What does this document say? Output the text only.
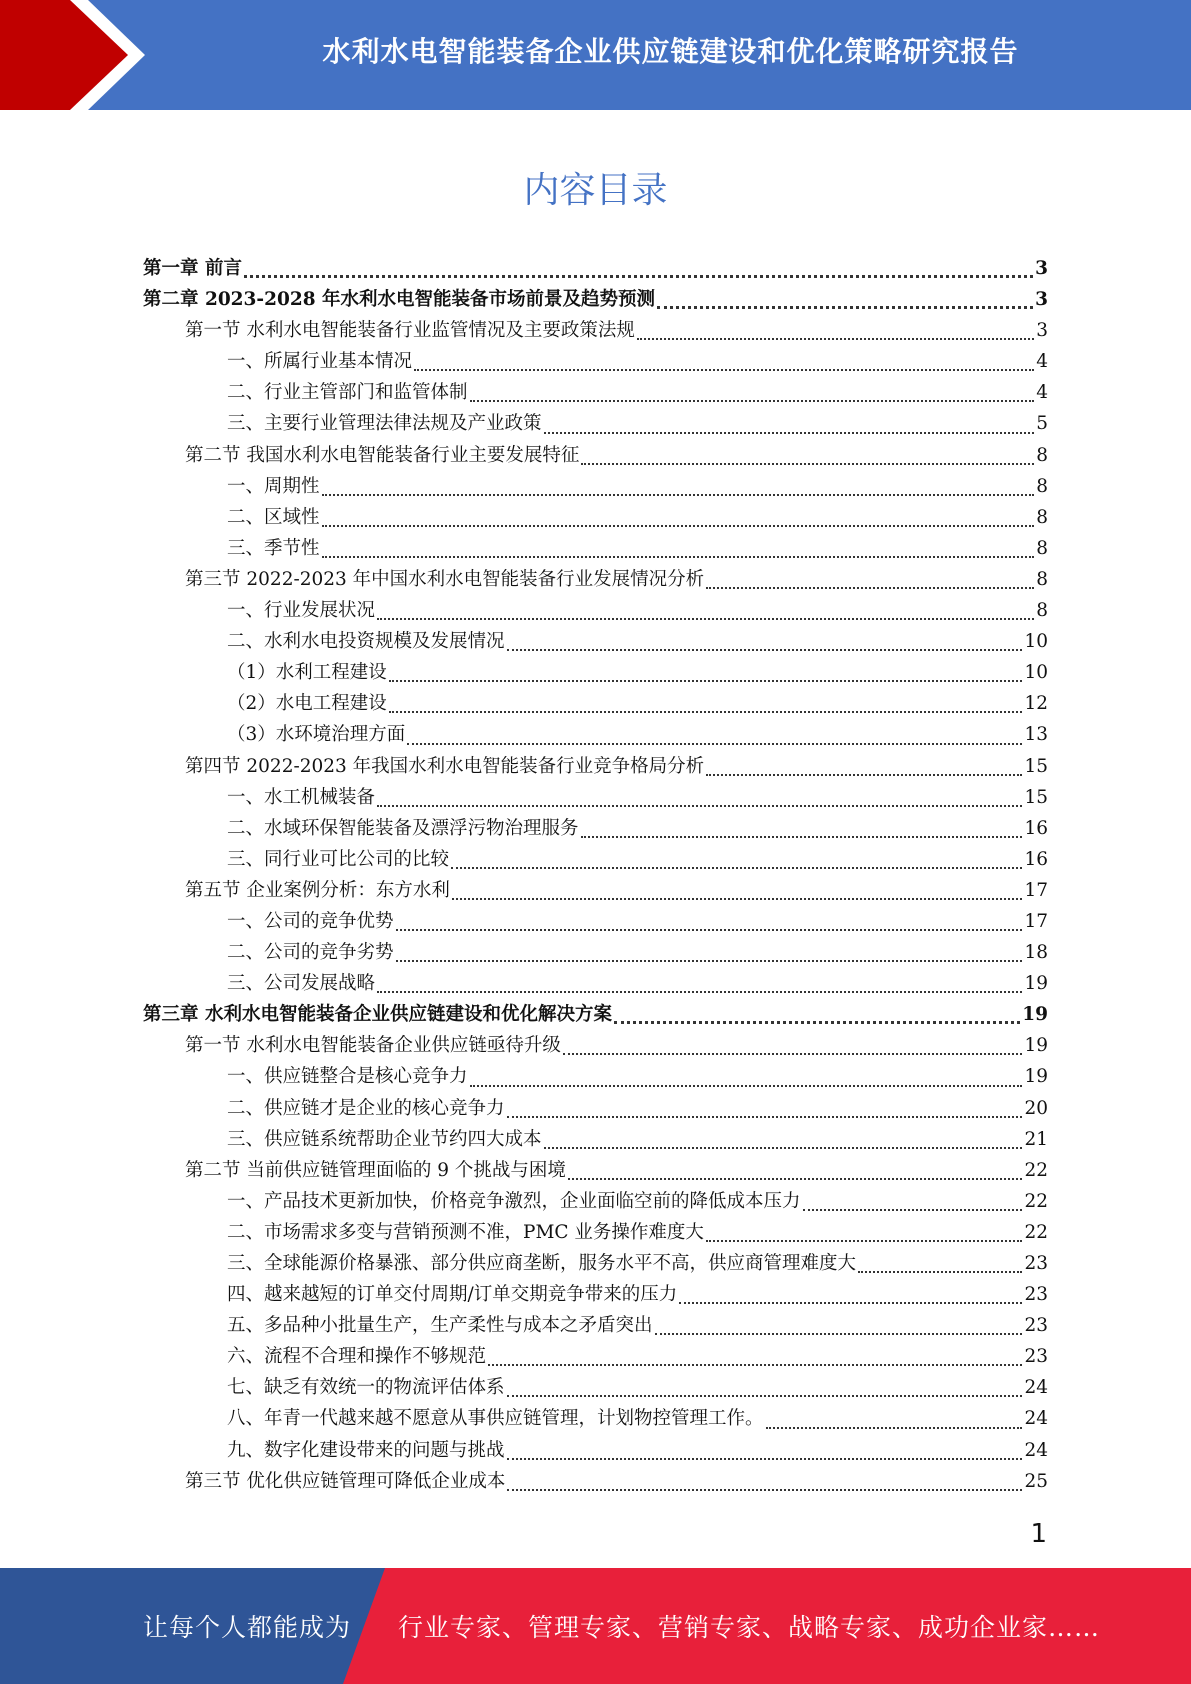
水利水电智能装备企业供应链建设和优化策略研究报告
内容目录
第一章 前言	3
第二章 2023-2028 年水利水电智能装备市场前景及趋势预测	3
第一节 水利水电智能装备行业监管情况及主要政策法规	3
一、所属行业基本情况	4
二、行业主管部门和监管体制	4
三、主要行业管理法律法规及产业政策	5
第二节 我国水利水电智能装备行业主要发展特征	8
一、周期性	8
二、区域性	8
三、季节性	8
第三节 2022-2023 年中国水利水电智能装备行业发展情况分析	8
一、行业发展状况	8
二、水利水电投资规模及发展情况	10
（1）水利工程建设	10
（2）水电工程建设	12
（3）水环境治理方面	13
第四节 2022-2023 年我国水利水电智能装备行业竞争格局分析	15
一、水工机械装备	15
二、水域环保智能装备及漂浮污物治理服务	16
三、同行业可比公司的比较	16
第五节 企业案例分析：东方水利	17
一、公司的竞争优势	17
二、公司的竞争劣势	18
三、公司发展战略	19
第三章 水利水电智能装备企业供应链建设和优化解决方案	19
第一节 水利水电智能装备企业供应链亟待升级	19
一、供应链整合是核心竞争力	19
二、供应链才是企业的核心竞争力	20
三、供应链系统帮助企业节约四大成本	21
第二节 当前供应链管理面临的 9 个挑战与困境	22
一、产品技术更新加快，价格竞争激烈，企业面临空前的降低成本压力	22
二、市场需求多变与营销预测不准，PMC 业务操作难度大	22
三、全球能源价格暴涨、部分供应商垄断，服务水平不高，供应商管理难度大	23
四、越来越短的订单交付周期/订单交期竞争带来的压力	23
五、多品种小批量生产，生产柔性与成本之矛盾突出	23
六、流程不合理和操作不够规范	23
七、缺乏有效统一的物流评估体系	24
八、年青一代越来越不愿意从事供应链管理，计划物控管理工作。	24
九、数字化建设带来的问题与挑战	24
第三节 优化供应链管理可降低企业成本	25
1
让每个人都能成为 行业专家、管理专家、营销专家、战略专家、成功企业家……
